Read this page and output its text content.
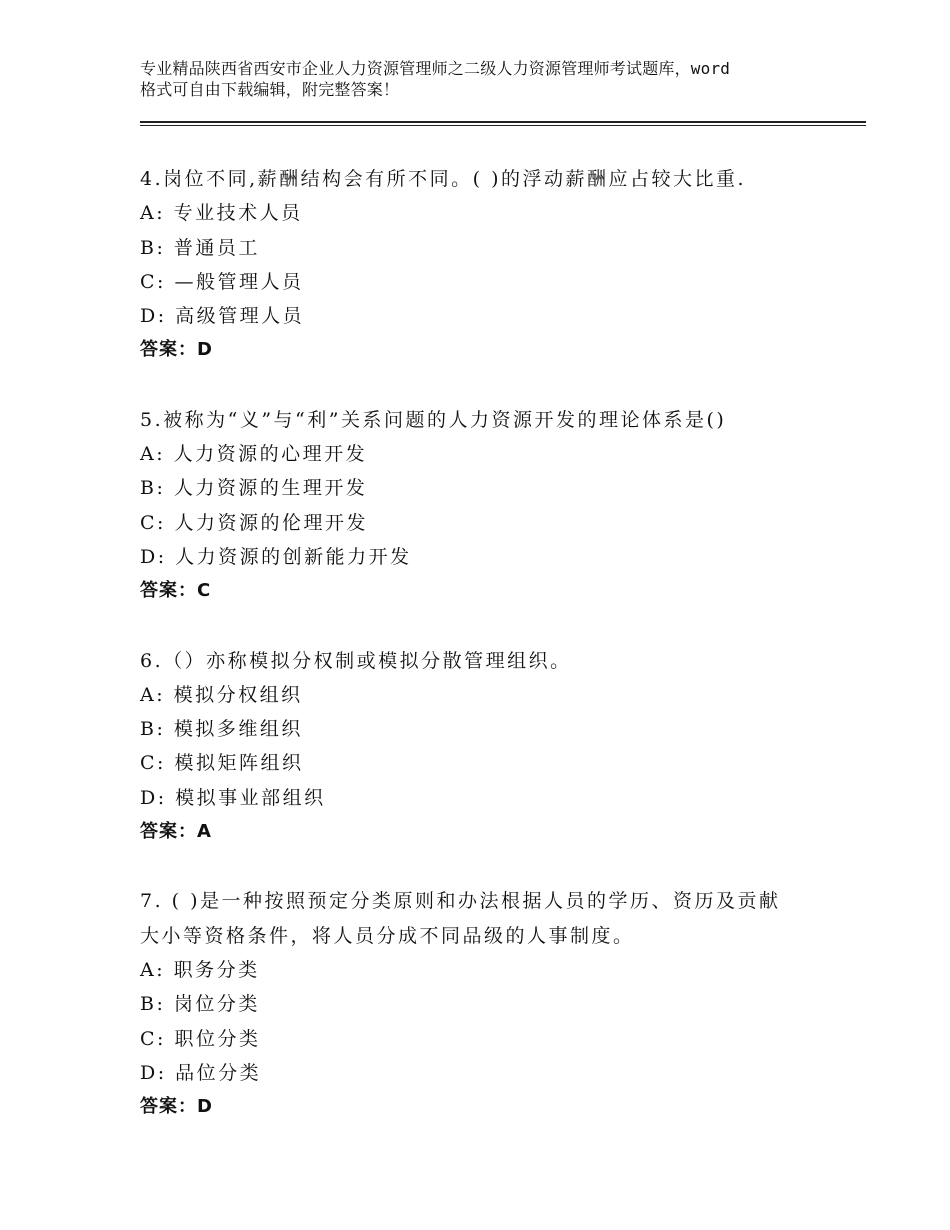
专业精品陕西省西安市企业人力资源管理师之二级人力资源管理师考试题库，word
格式可自由下载编辑，附完整答案！
4.岗位不同,薪酬结构会有所不同。( )的浮动薪酬应占较大比重.
A: 专业技术人员
B: 普通员工
C: —般管理人员
D: 高级管理人员
答案：D
5.被称为“义”与“利”关系问题的人力资源开发的理论体系是()
A: 人力资源的心理开发
B: 人力资源的生理开发
C: 人力资源的伦理开发
D: 人力资源的创新能力开发
答案：C
6.（）亦称模拟分权制或模拟分散管理组织。
A: 模拟分权组织
B: 模拟多维组织
C: 模拟矩阵组织
D: 模拟事业部组织
答案：A
7. ( )是一种按照预定分类原则和办法根据人员的学历、资历及贡献
大小等资格条件，将人员分成不同品级的人事制度。
A: 职务分类
B: 岗位分类
C: 职位分类
D: 品位分类
答案：D
